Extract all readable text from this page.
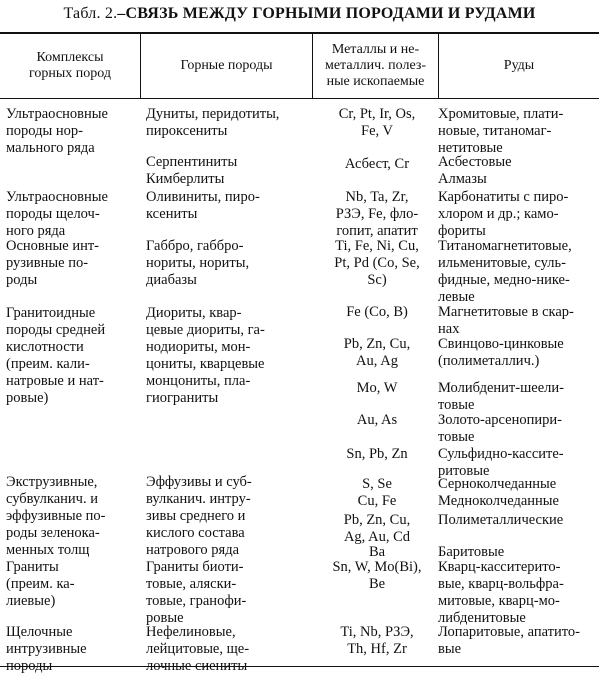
Табл. 2.–СВЯЗЬ МЕЖДУ ГОРНЫМИ ПОРОДАМИ И РУДАМИ
Комплексы
горных пород
Горные породы
Металлы и не-
металлич. полез-
ные ископаемые
Руды
Ультраосновные
породы нор-
мального ряда
Ультраосновные
породы щелоч-
ного ряда
Основные инт-
рузивные по-
роды
Гранитоидные
породы средней
кислотности
(преим. кали-
натровые и нат-
ровые)
Экструзивные,
субвулканич. и
эффузивные по-
роды зеленока-
менных толщ
Граниты
(преим. ка-
лиевые)
Щелочные
интрузивные
породы
Дуниты, перидотиты,
пироксениты
Серпентиниты
Кимберлиты
Оливиниты, пиро-
ксениты
Габбро, габбро-
нориты, нориты,
диабазы
Диориты, квар-
цевые диориты, га-
нодиориты, мон-
цониты, кварцевые
монцониты, пла-
гиограниты
Эффузивы и суб-
вулканич. интру-
зивы среднего и
кислого состава
натрового ряда
Граниты биоти-
товые, аляски-
товые, гранофи-
ровые
Нефелиновые,
лейцитовые, ще-
лочные сиениты
Cr, Pt, Ir, Os,
Fe, V
Асбест, Cr
Nb, Ta, Zr,
РЗЭ, Fe, фло-
гопит, апатит
Ti, Fe, Ni, Cu,
Pt, Pd (Co, Se,
Sc)
Fe (Co, B)
Pb, Zn, Cu,
Au, Ag
Mo, W
Au, As
Sn, Pb, Zn
S, Se
Cu, Fe
Pb, Zn, Cu,
Ag, Au, Cd
Ba
Sn, W, Mo(Bi),
Be
Ti, Nb, РЗЭ,
Th, Hf, Zr
Хромитовые, плати-
новые, титаномаг-
нетитовые
Асбестовые
Алмазы
Карбонатиты с пиро-
хлором и др.; камо-
фориты
Титаномагнетитовые,
ильменитовые, суль-
фидные, медно-нике-
левые
Магнетитовые в скар-
нах
Свинцово-цинковые
(полиметаллич.)
Молибденит-шеели-
товые
Золото-арсенопири-
товые
Сульфидно-кассите-
ритовые
Серноколчеданные
Медноколчеданные
Полиметаллические
Баритовые
Кварц-касситерито-
вые, кварц-вольфра-
митовые, кварц-мо-
либденитовые
Лопаритовые, апатито-
вые
